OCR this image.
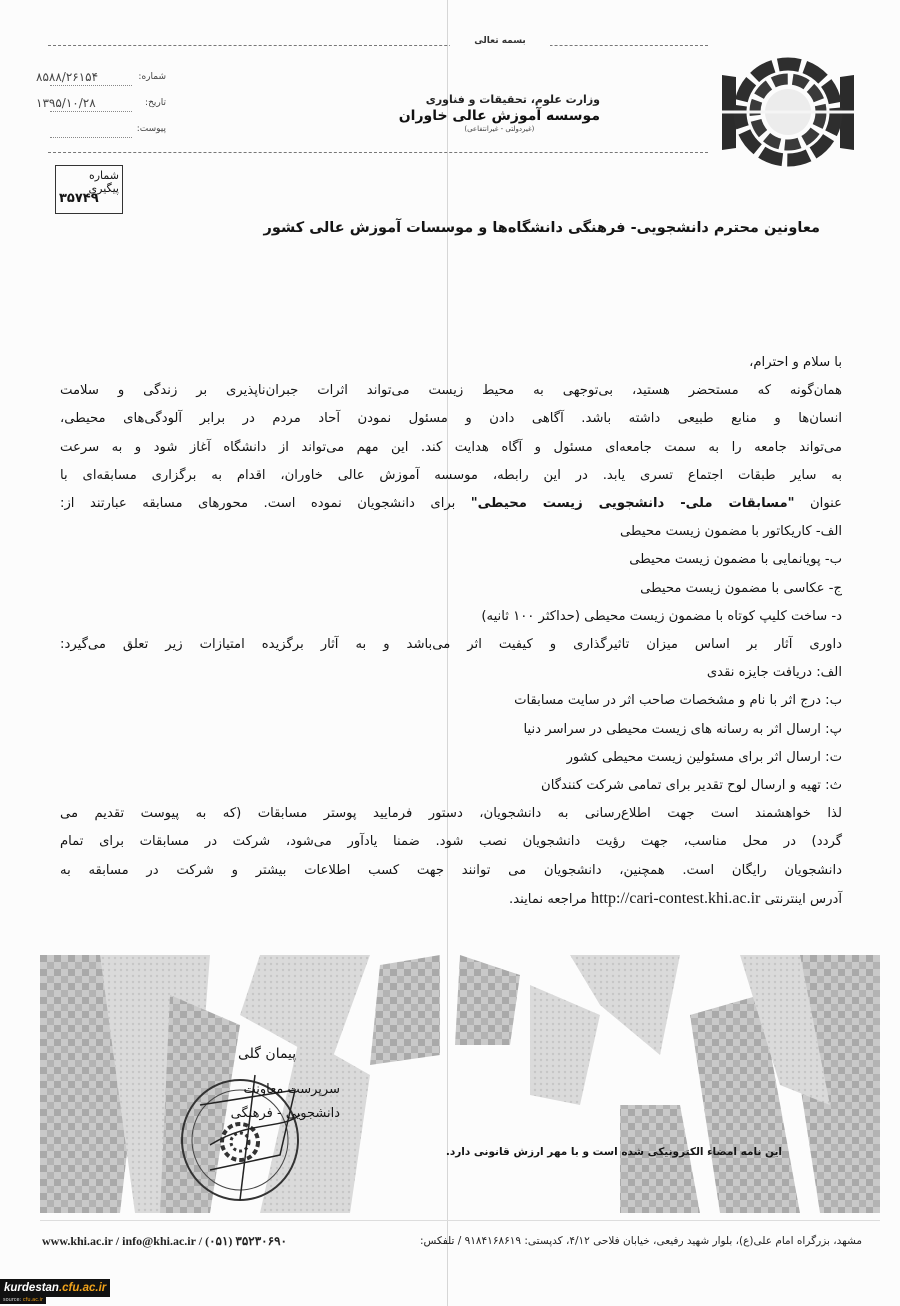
بسمه تعالی
وزارت علوم، تحقیقات و فناوری
موسسه آموزش عالی خاوران
(غیردولتی - غیرانتفاعی)
۸۵۸۸/۲۶۱۵۴	شماره:
۱۳۹۵/۱۰/۲۸	تاریخ:
پیوست:
شماره پیگیری
۳۵۷۴۹
معاونین محترم دانشجویی- فرهنگی دانشگاه‌ها و موسسات آموزش عالی کشور
با سلام و احترام،
همان‌گونه که مستحضر هستید، بی‌توجهی به محیط زیست می‌تواند اثرات جبران‌ناپذیری بر زندگی و سلامت
انسان‌ها و منابع طبیعی داشته باشد. آگاهی دادن و مسئول نمودن آحاد مردم در برابر آلودگی‌های محیطی،
می‌تواند جامعه را به سمت جامعه‌ای مسئول و آگاه هدایت کند. این مهم می‌تواند از دانشگاه آغاز شود و به سرعت
به سایر طبقات اجتماع تسری یابد. در این رابطه، موسسه آموزش عالی خاوران، اقدام به برگزاری مسابقه‌ای با
عنوان "مسابقات ملی- دانشجویی زیست محیطی" برای دانشجویان نموده است. محورهای مسابقه عبارتند از:
الف- کاریکاتور با مضمون زیست محیطی
ب- پویانمایی با مضمون زیست محیطی
ج- عکاسی با مضمون زیست محیطی
د- ساخت کلیپ کوتاه با مضمون زیست محیطی (حداکثر ۱۰۰ ثانیه)
داوری آثار بر اساس میزان تاثیرگذاری و کیفیت اثر می‌باشد و به آثار برگزیده امتیازات زیر تعلق می‌گیرد:
الف: دریافت جایزه نقدی
ب: درج اثر با نام و مشخصات صاحب اثر در سایت مسابقات
پ: ارسال اثر به رسانه های زیست محیطی در سراسر دنیا
ت: ارسال اثر برای مسئولین زیست محیطی کشور
ث: تهیه و ارسال لوح تقدیر برای تمامی شرکت کنندگان
لذا خواهشمند است جهت اطلاع‌رسانی به دانشجویان، دستور فرمایید پوستر مسابقات (که به پیوست تقدیم می
گردد) در محل مناسب، جهت رؤیت دانشجویان نصب شود. ضمنا یادآور می‌شود، شرکت در مسابقات برای تمام
دانشجویان رایگان است. همچنین، دانشجویان می توانند جهت کسب اطلاعات بیشتر و شرکت در مسابقه به
آدرس اینترنتی http://cari-contest.khi.ac.ir مراجعه نمایند.
پیمان گلی
سرپرست معاونت
دانشجویی - فرهنگی
این نامه امضاء الکترونیکی شده است و با مهر ارزش قانونی دارد.
www.khi.ac.ir / info@khi.ac.ir / (۰۵۱) ۳۵۲۳۰۶۹۰	مشهد، بزرگراه امام علی(ع)، بلوار شهید رفیعی، خیابان فلاحی ۴/۱۲، کدپستی: ۹۱۸۴۱۶۸۶۱۹ / تلفکس:
kurdestan.cfu.ac.ir
source: cfu.ac.ir
